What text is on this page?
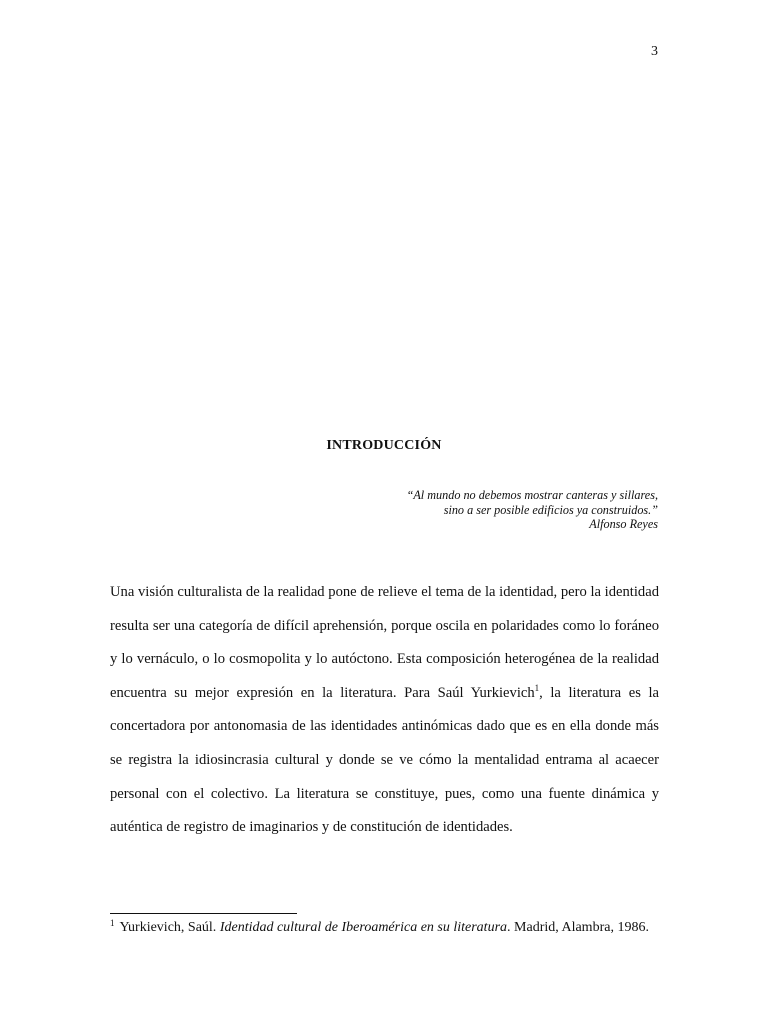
3
INTRODUCCIÓN
“Al mundo no debemos mostrar canteras y sillares,
sino a ser posible edificios ya construidos.”
Alfonso Reyes

Una visión culturalista de la realidad pone de relieve el tema de la identidad, pero la identidad resulta ser una categoría de difícil aprehensión, porque oscila en polaridades como lo foráneo y lo vernáculo, o lo cosmopolita y lo autóctono. Esta composición heterogénea de la realidad encuentra su mejor expresión en la literatura. Para Saúl Yurkievich$^1$, la literatura es la concertadora por antonomasia de las identidades antinómicas dado que es en ella donde más se registra la idiosincrasia cultural y donde se ve cómo la mentalidad entrama al acaecer personal con el colectivo. La literatura se constituye, pues, como una fuente dinámica y auténtica de registro de imaginarios y de constitución de identidades.

$^1$ Yurkievich, Saúl. Identidad cultural de Iberoamérica en su literatura. Madrid, Alambra, 1986.
